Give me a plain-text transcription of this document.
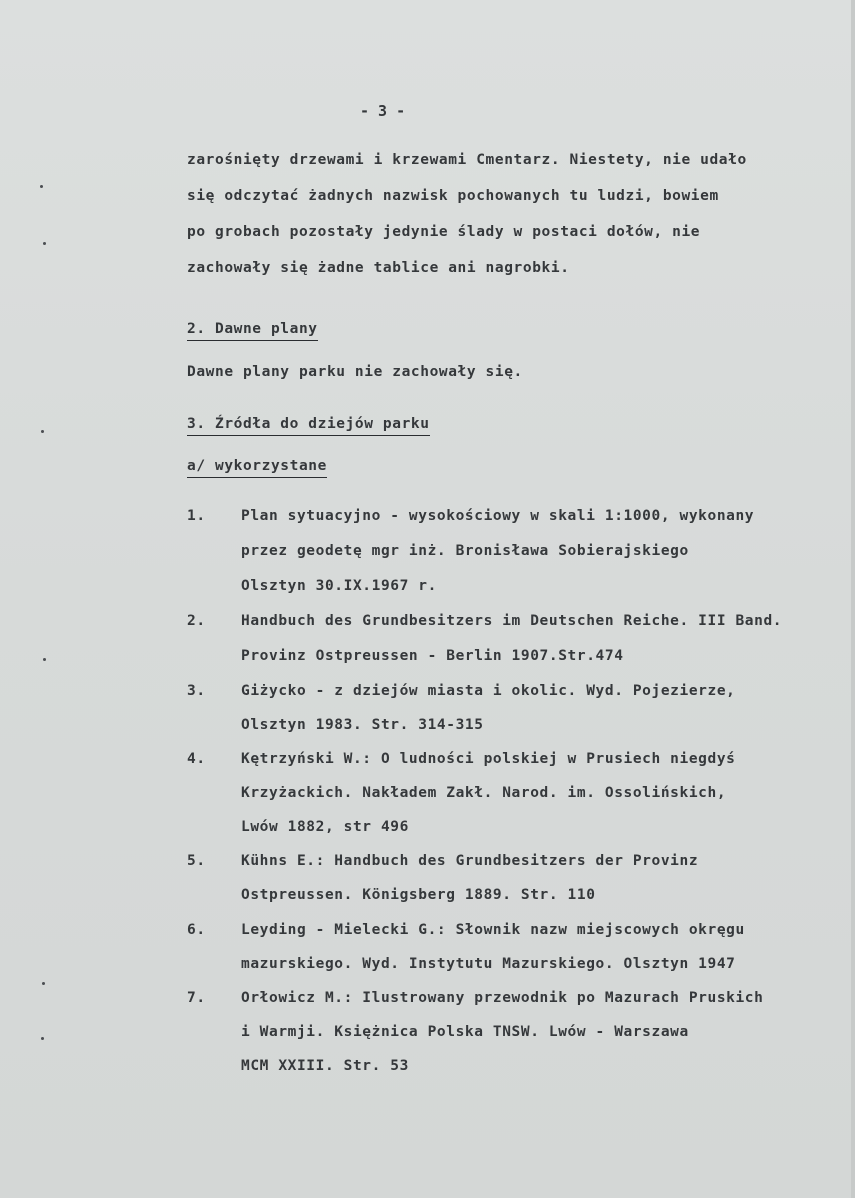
- 3 -
zarośnięty drzewami i krzewami Cmentarz. Niestety, nie udało
się odczytać żadnych nazwisk pochowanych tu ludzi, bowiem
po grobach pozostały jedynie ślady w postaci dołów, nie
zachowały się żadne tablice ani nagrobki.
2. Dawne plany
Dawne plany parku nie zachowały się.
3. Źródła do dziejów parku
a/ wykorzystane
1. Plan sytuacyjno - wysokościowy w skali 1:1000, wykonany
przez geodetę mgr inż. Bronisława Sobierajskiego
Olsztyn 30.IX.1967 r.
2. Handbuch des Grundbesitzers im Deutschen Reiche. III Band.
Provinz Ostpreussen - Berlin 1907.Str.474
3. Giżycko - z dziejów miasta i okolic. Wyd. Pojezierze,
Olsztyn 1983. Str. 314-315
4. Kętrzyński W.: O ludności polskiej w Prusiech niegdyś
Krzyżackich. Nakładem Zakł. Narod. im. Ossolińskich,
Lwów 1882, str 496
5. Kühns E.: Handbuch des Grundbesitzers der Provinz
Ostpreussen. Königsberg 1889. Str. 110
6. Leyding - Mielecki G.: Słownik nazw miejscowych okręgu
mazurskiego. Wyd. Instytutu Mazurskiego. Olsztyn 1947
7. Orłowicz M.: Ilustrowany przewodnik po Mazurach Pruskich
i Warmji. Księżnica Polska TNSW. Lwów - Warszawa
MCM XXIII. Str. 53
